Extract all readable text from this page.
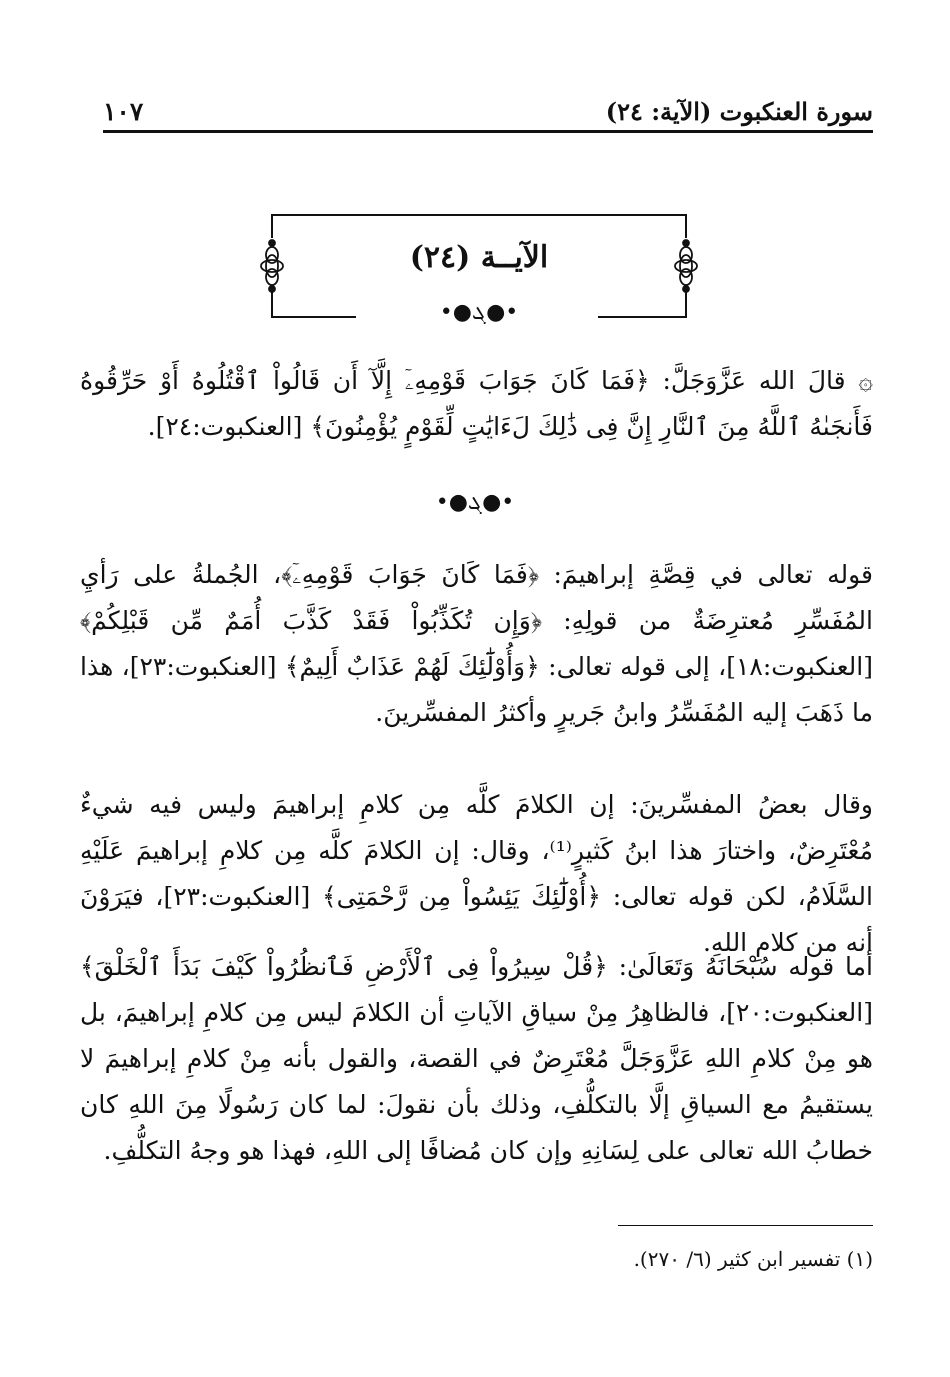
سورة العنكبوت (الآية: ٢٤)
١٠٧
الآيــة (٢٤)
•●ܓ●•
۞ قالَ الله عَزَّوَجَلَّ: ﴿فَمَا كَانَ جَوَابَ قَوْمِهِۦٓ إِلَّآ أَن قَالُواْ ٱقْتُلُوهُ أَوْ حَرِّقُوهُ فَأَنجَىٰهُ ٱللَّهُ مِنَ ٱلنَّارِ إِنَّ فِى ذَٰلِكَ لَءَايَٰتٍ لِّقَوْمٍ يُؤْمِنُونَ﴾ [العنكبوت:٢٤].
•●ܓ●•
قوله تعالى في قِصَّةِ إبراهيمَ: ﴿فَمَا كَانَ جَوَابَ قَوْمِهِۦٓ﴾، الجُملةُ على رَأيِ المُفَسِّرِ مُعترِضَةٌ من قولِهِ: ﴿وَإِن تُكَذِّبُواْ فَقَدْ كَذَّبَ أُمَمٌ مِّن قَبْلِكُمْ﴾ [العنكبوت:١٨]، إلى قوله تعالى: ﴿وَأُوْلَٰٓئِكَ لَهُمْ عَذَابٌ أَلِيمٌ﴾ [العنكبوت:٢٣]، هذا ما ذَهَبَ إليه المُفَسِّرُ وابنُ جَريرٍ وأكثرُ المفسِّرينَ.
وقال بعضُ المفسِّرينَ: إن الكلامَ كلَّه مِن كلامِ إبراهيمَ وليس فيه شيءٌ مُعْتَرِضٌ، واختارَ هذا ابنُ كَثيرٍ⁽¹⁾، وقال: إن الكلامَ كلَّه مِن كلامِ إبراهيمَ عَلَيْهِ السَّلَامُ، لكن قوله تعالى: ﴿أُوْلَٰٓئِكَ يَئِسُواْ مِن رَّحْمَتِى﴾ [العنكبوت:٢٣]، فيَرَوْنَ أنه من كلامِ اللهِ.
أما قوله سُبْحَانَهُ وَتَعَالَىٰ: ﴿قُلْ سِيرُواْ فِى ٱلْأَرْضِ فَٱنظُرُواْ كَيْفَ بَدَأَ ٱلْخَلْقَ﴾ [العنكبوت:٢٠]، فالظاهِرُ مِنْ سياقِ الآياتِ أن الكلامَ ليس مِن كلامِ إبراهيمَ، بل هو مِنْ كلامِ اللهِ عَزَّوَجَلَّ مُعْتَرِضٌ في القصة، والقول بأنه مِنْ كلامِ إبراهيمَ لا يستقيمُ مع السياقِ إلَّا بالتكلُّفِ، وذلك بأن نقولَ: لما كان رَسُولًا مِنَ اللهِ كان خطابُ الله تعالى على لِسَانِهِ وإن كان مُضافًا إلى اللهِ، فهذا هو وجهُ التكلُّفِ.
(١) تفسير ابن كثير (٦/ ٢٧٠).
